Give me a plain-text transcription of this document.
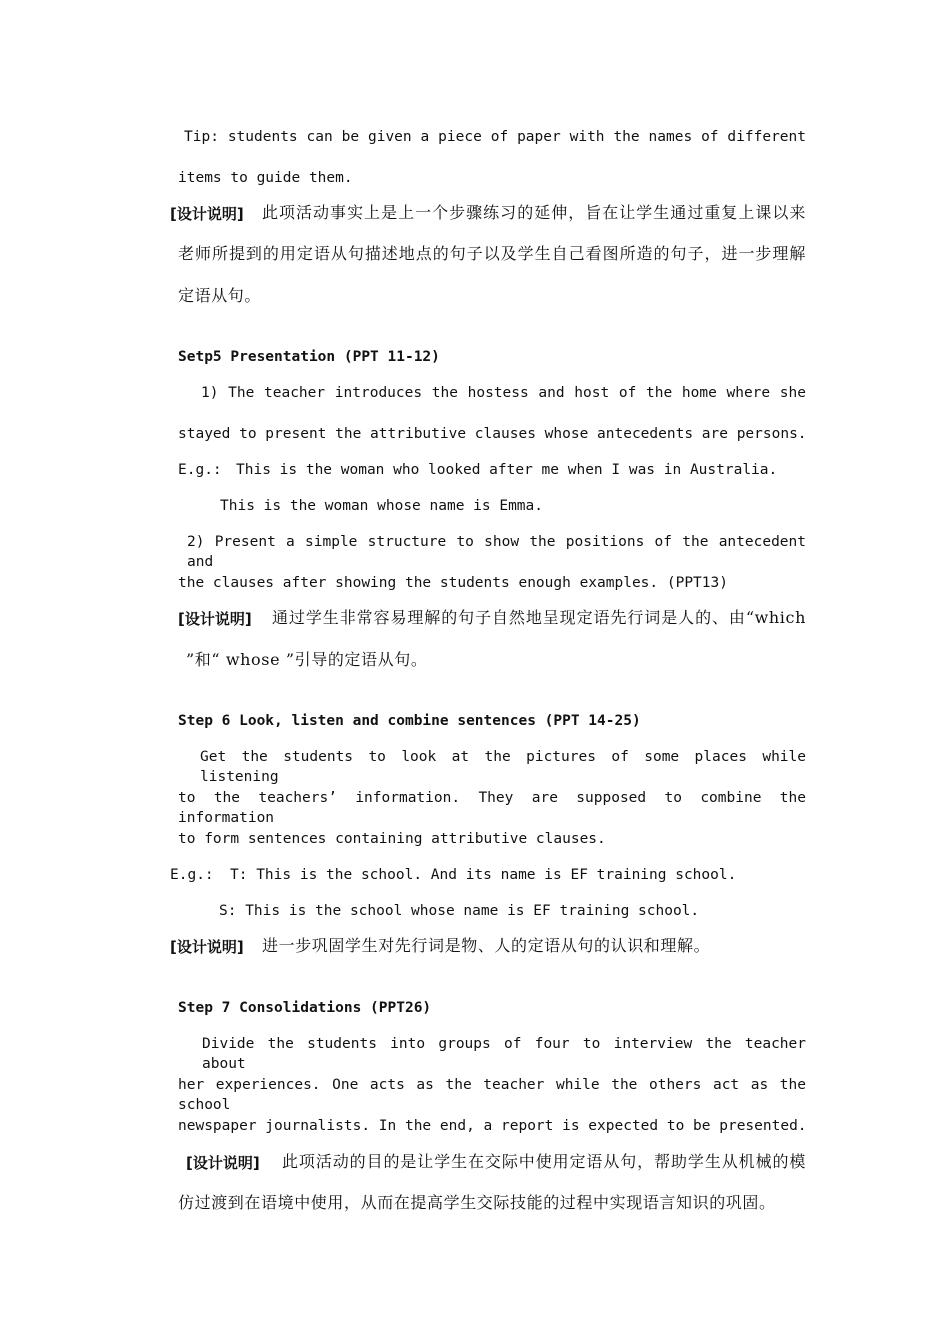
Tip: students can be given a piece of paper with the names of different
items to guide them.
[设计说明] 此项活动事实上是上一个步骤练习的延伸，旨在让学生通过重复上课以来
老师所提到的用定语从句描述地点的句子以及学生自己看图所造的句子，进一步理解
定语从句。
Setp5 Presentation (PPT 11-12)
1) The teacher introduces the hostess and host of the home where she
stayed to present the attributive clauses whose antecedents are persons.
E.g.: This is the woman who looked after me when I was in Australia.
This is the woman whose name is Emma.
2) Present a simple structure to show the positions of the antecedent and
the clauses after showing the students enough examples. (PPT13)
[设计说明] 通过学生非常容易理解的句子自然地呈现定语先行词是人的、由“which
”和“ whose ”引导的定语从句。
Step 6 Look, listen and combine sentences (PPT 14-25)
Get the students to look at the pictures of some places while listening
to the teachers’ information. They are supposed to combine the information
to form sentences containing attributive clauses.
E.g.: T: This is the school. And its name is EF training school.
S: This is the school whose name is EF training school.
[设计说明] 进一步巩固学生对先行词是物、人的定语从句的认识和理解。
Step 7 Consolidations (PPT26)
Divide the students into groups of four to interview the teacher about
her experiences. One acts as the teacher while the others act as the school
newspaper journalists. In the end, a report is expected to be presented.
[设计说明] 此项活动的目的是让学生在交际中使用定语从句，帮助学生从机械的模
仿过渡到在语境中使用，从而在提高学生交际技能的过程中实现语言知识的巩固。
